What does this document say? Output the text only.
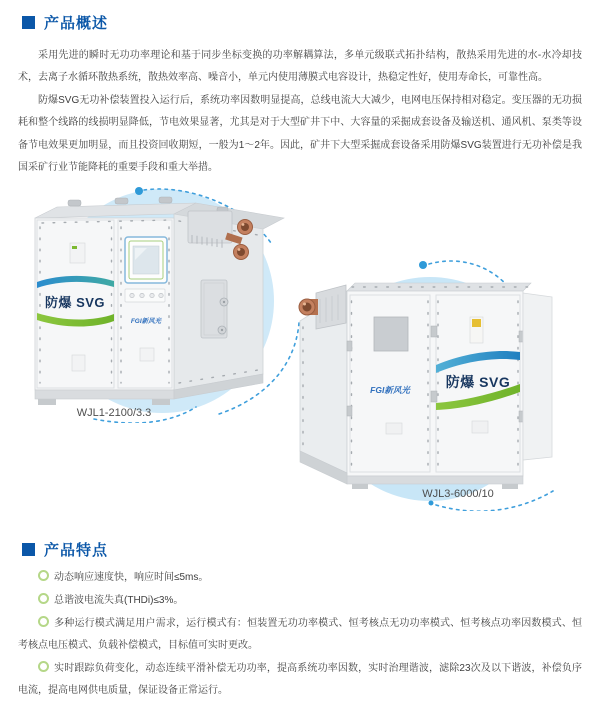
产品概述

采用先进的瞬时无功功率理论和基于同步坐标变换的功率解耦算法，多单元级联式拓扑结构，散热采用先进的水-水冷却技术，去离子水循环散热系统，散热效率高、噪音小，单元内使用薄膜式电容设计，热稳定性好，使用寿命长，可靠性高。

防爆SVG无功补偿装置投入运行后，系统功率因数明显提高，总线电流大大减少，电网电压保持相对稳定。变压器的无功损耗和整个线路的线损明显降低，节电效果显著，尤其是对于大型矿井下中、大容量的采掘成套设备及输送机、通风机、泵类等设备节电效果更加明显，而且投资回收期短，一般为1～2年。因此，矿井下大型采掘成套设备采用防爆SVG装置进行无功补偿是我国采矿行业节能降耗的重要手段和重大举措。

防爆 SVG
FGI新风光
WJL1-2100/3.3
FGI新风光	防爆 SVG
WJL3-6000/10
产品特点

动态响应速度快，响应时间≤5ms。

总谐波电流失真(THDi)≤3%。

多种运行模式满足用户需求，运行模式有：恒装置无功功率模式、恒考核点无功功率模式、恒考核点功率因数模式、恒考核点电压模式、负载补偿模式，目标值可实时更改。

实时跟踪负荷变化，动态连续平滑补偿无功功率，提高系统功率因数，实时治理谐波，滤除23次及以下谐波，补偿负序电流，提高电网供电质量，保证设备正常运行。
